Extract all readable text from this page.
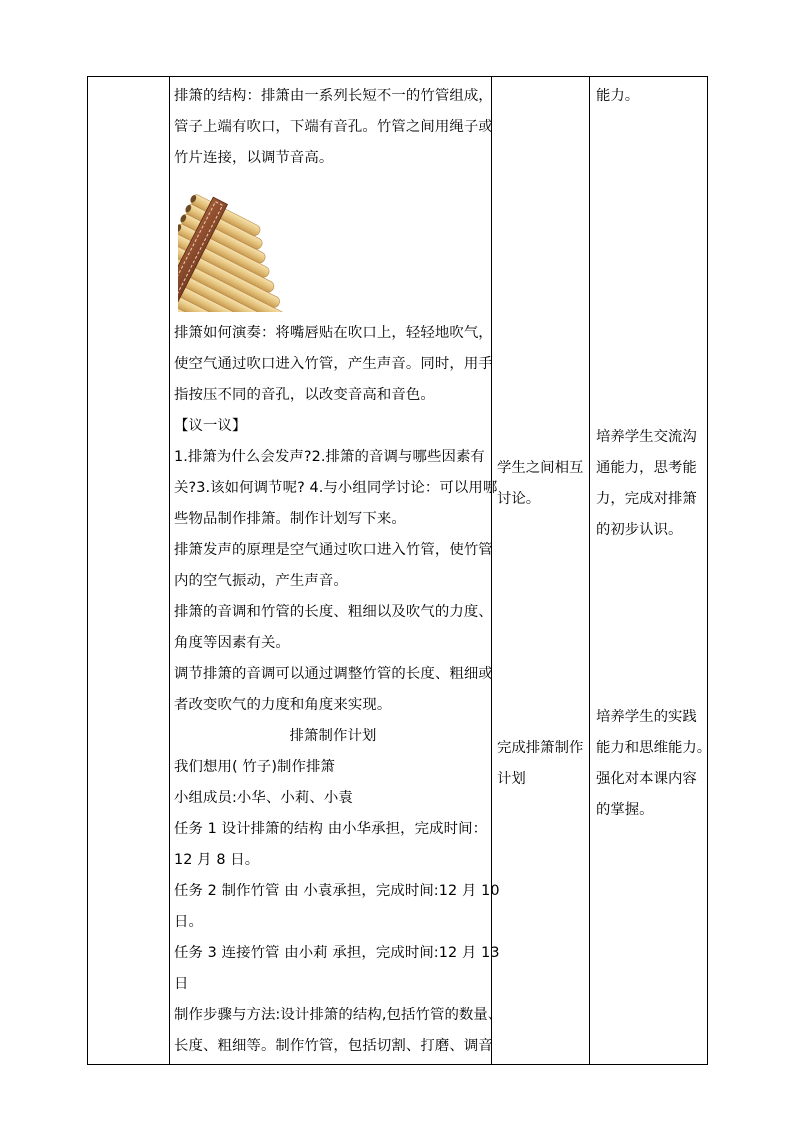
排箫的结构：排箫由一系列长短不一的竹管组成，

管子上端有吹口，下端有音孔。竹管之间用绳子或

竹片连接，以调节音高。

排箫如何演奏：将嘴唇贴在吹口上，轻轻地吹气，

使空气通过吹口进入竹管，产生声音。同时，用手

指按压不同的音孔，以改变音高和音色。

【议一议】

1.排箫为什么会发声?2.排箫的音调与哪些因素有

关?3.该如何调节呢? 4.与小组同学讨论：可以用哪

些物品制作排箫。制作计划写下来。

排箫发声的原理是空气通过吹口进入竹管，使竹管

内的空气振动，产生声音。

排箫的音调和竹管的长度、粗细以及吹气的力度、

角度等因素有关。

调节排箫的音调可以通过调整竹管的长度、粗细或

者改变吹气的力度和角度来实现。

排箫制作计划

我们想用( 竹子)制作排箫

小组成员:小华、小莉、小袁

任务 1 设计排箫的结构 由小华承担，完成时间：

12 月 8 日。

任务 2 制作竹管 由 小袁承担，完成时间:12 月 10

日。

任务 3 连接竹管 由小莉 承担，完成时间:12 月 13

日

制作步骤与方法:设计排箫的结构,包括竹管的数量、

长度、粗细等。制作竹管，包括切割、打磨、调音

学生之间相互
讨论。
完成排箫制作
计划
能力。
培养学生交流沟
通能力，思考能
力，完成对排箫
的初步认识。
培养学生的实践
能力和思维能力。
强化对本课内容
的掌握。
